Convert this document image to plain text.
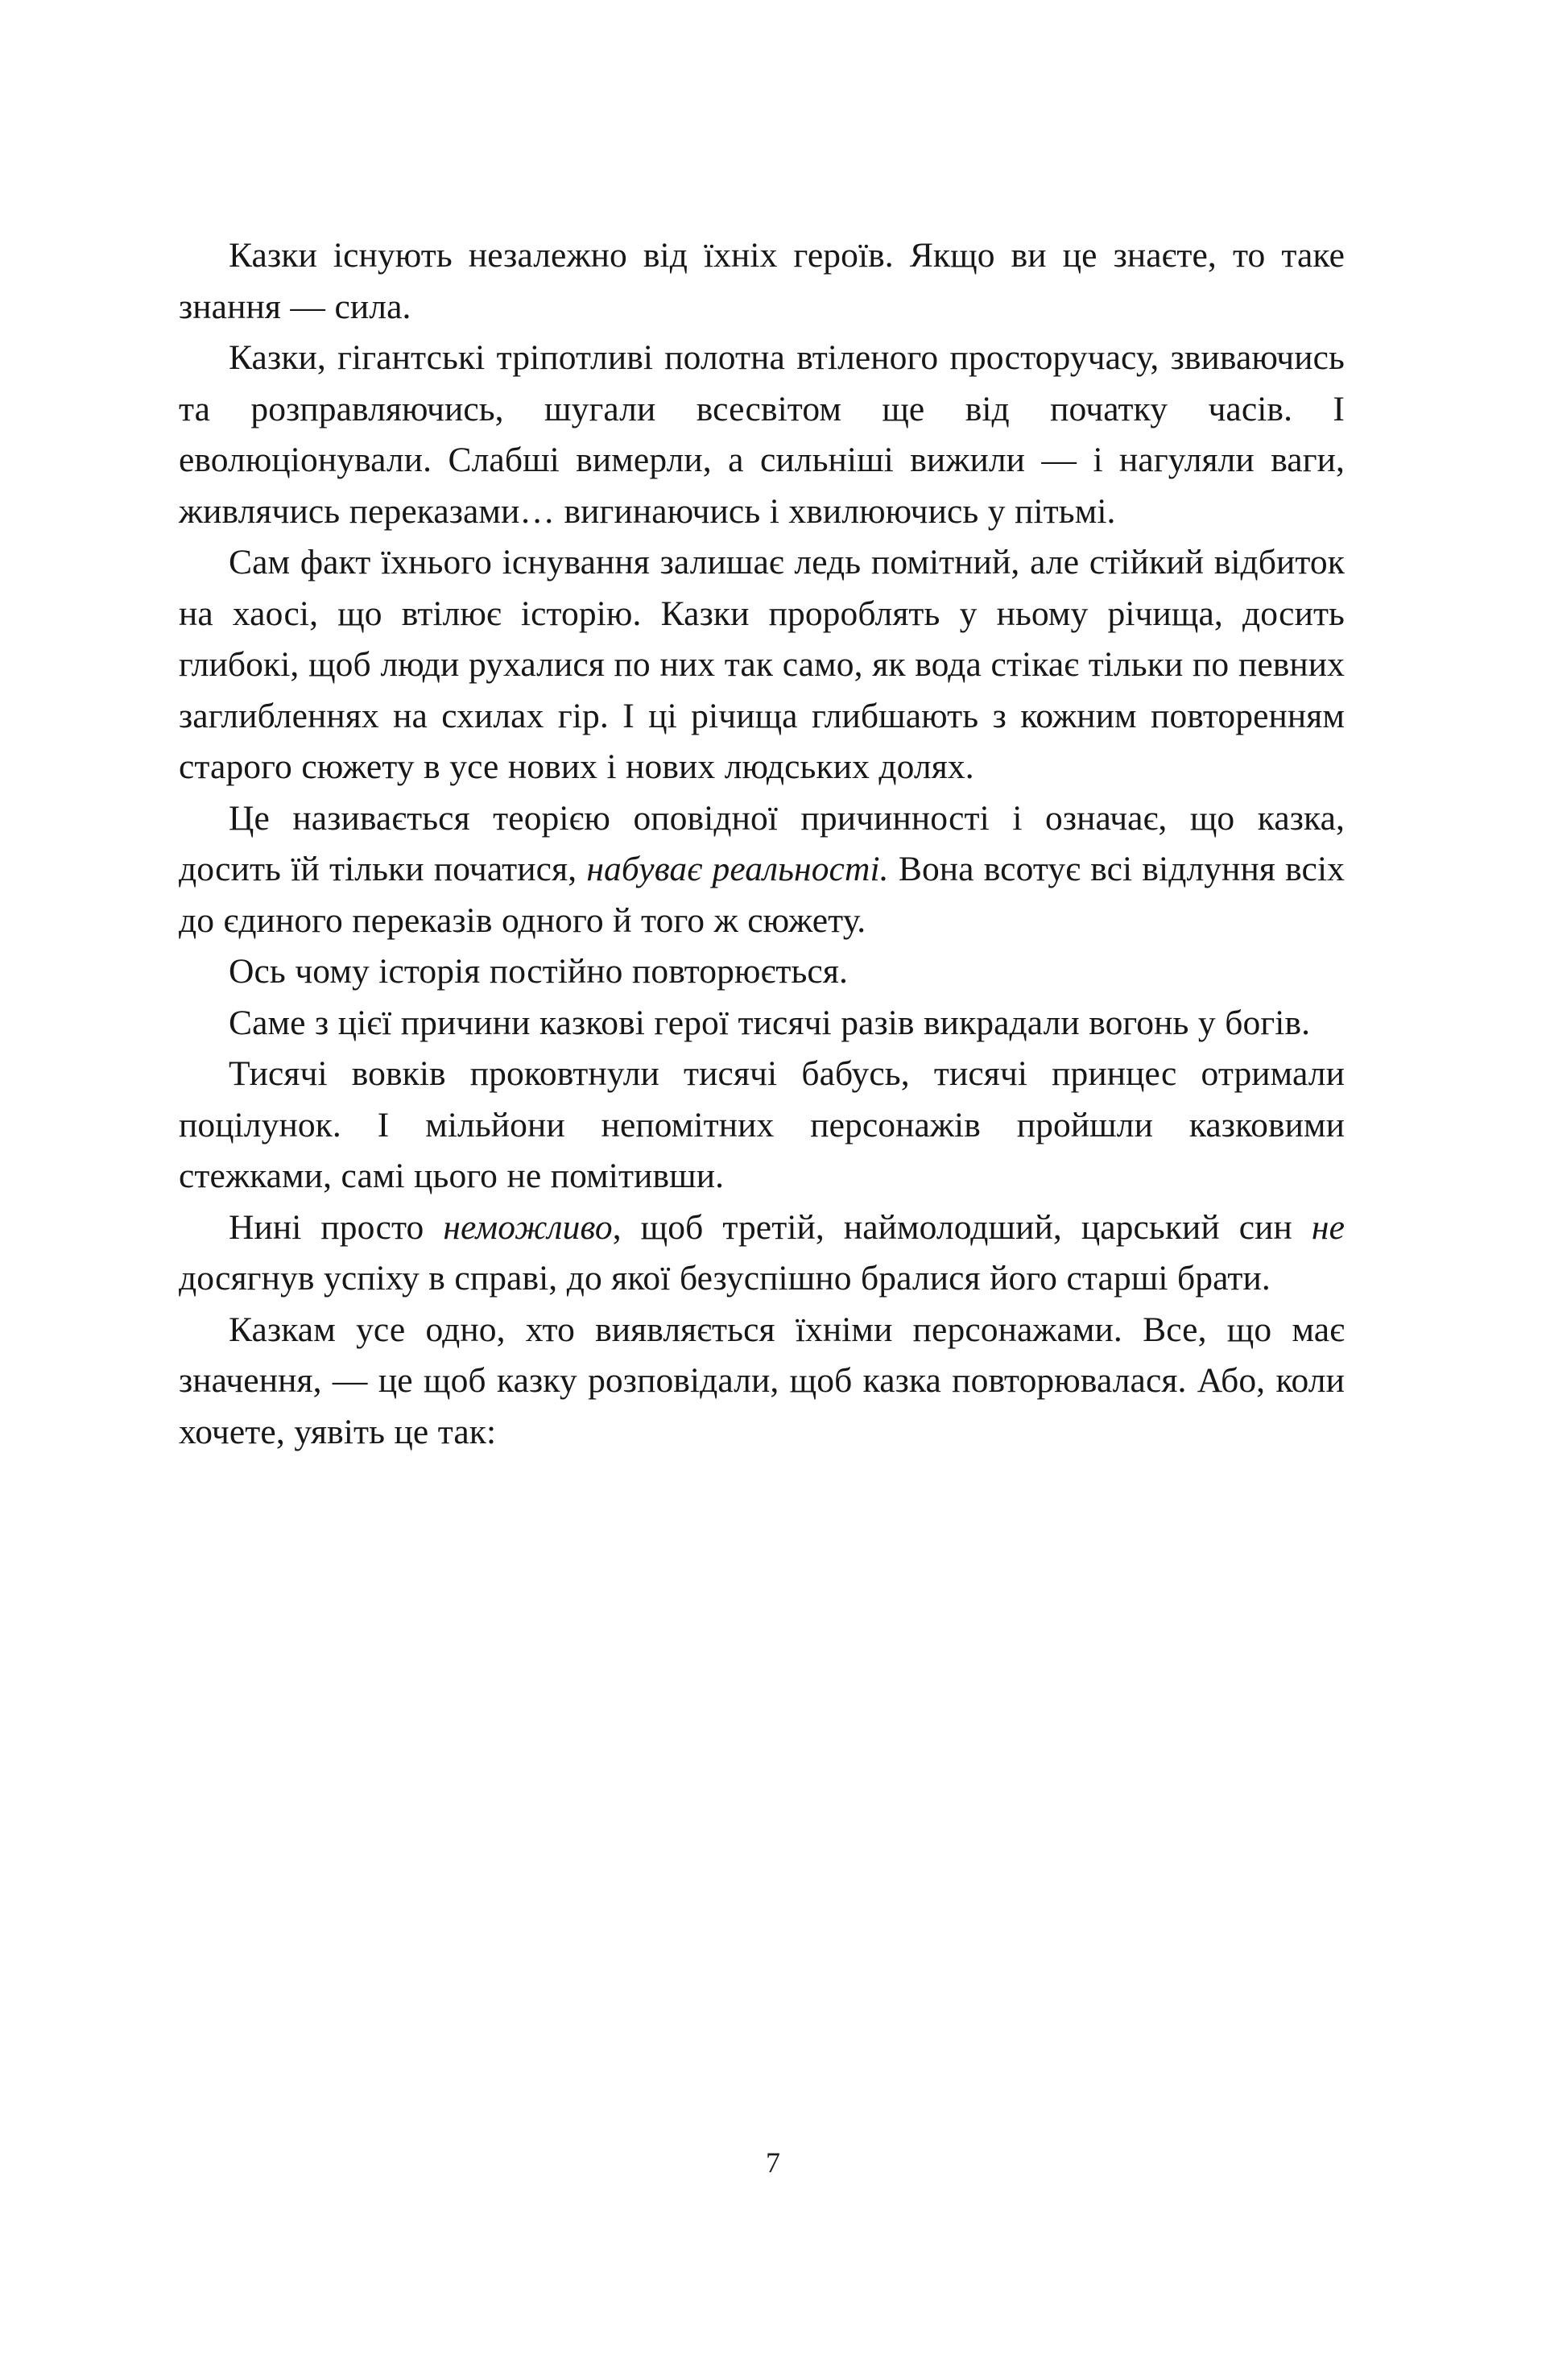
Казки існують незалежно від їхніх героїв. Якщо ви це знаєте, то таке знання — сила.

Казки, гігантські тріпотливі полотна втіленого просторучасу, звиваючись та розправляючись, шугали всесвітом ще від початку часів. І еволюціонували. Слабші вимерли, а сильніші вижили — і нагуляли ваги, живлячись переказами… вигинаючись і хвилюючись у пітьмі.

Сам факт їхнього існування залишає ледь помітний, але стійкий відбиток на хаосі, що втілює історію. Казки пророблять у ньому річища, досить глибокі, щоб люди рухалися по них так само, як вода стікає тільки по певних заглибленнях на схилах гір. І ці річища глибшають з кожним повторенням старого сюжету в усе нових і нових людських долях.

Це називається теорією оповідної причинності і означає, що казка, досить їй тільки початися, набуває реальності. Вона всотує всі відлуння всіх до єдиного переказів одного й того ж сюжету.

Ось чому історія постійно повторюється.

Саме з цієї причини казкові герої тисячі разів викрадали вогонь у богів.

Тисячі вовків проковтнули тисячі бабусь, тисячі принцес отримали поцілунок. І мільйони непомітних персонажів пройшли казковими стежками, самі цього не помітивши.

Нині просто неможливо, щоб третій, наймолодший, царський син не досягнув успіху в справі, до якої безуспішно бралися його старші брати.

Казкам усе одно, хто виявляється їхніми персонажами. Все, що має значення, — це щоб казку розповідали, щоб казка повторювалася. Або, коли хочете, уявіть це так:

7
